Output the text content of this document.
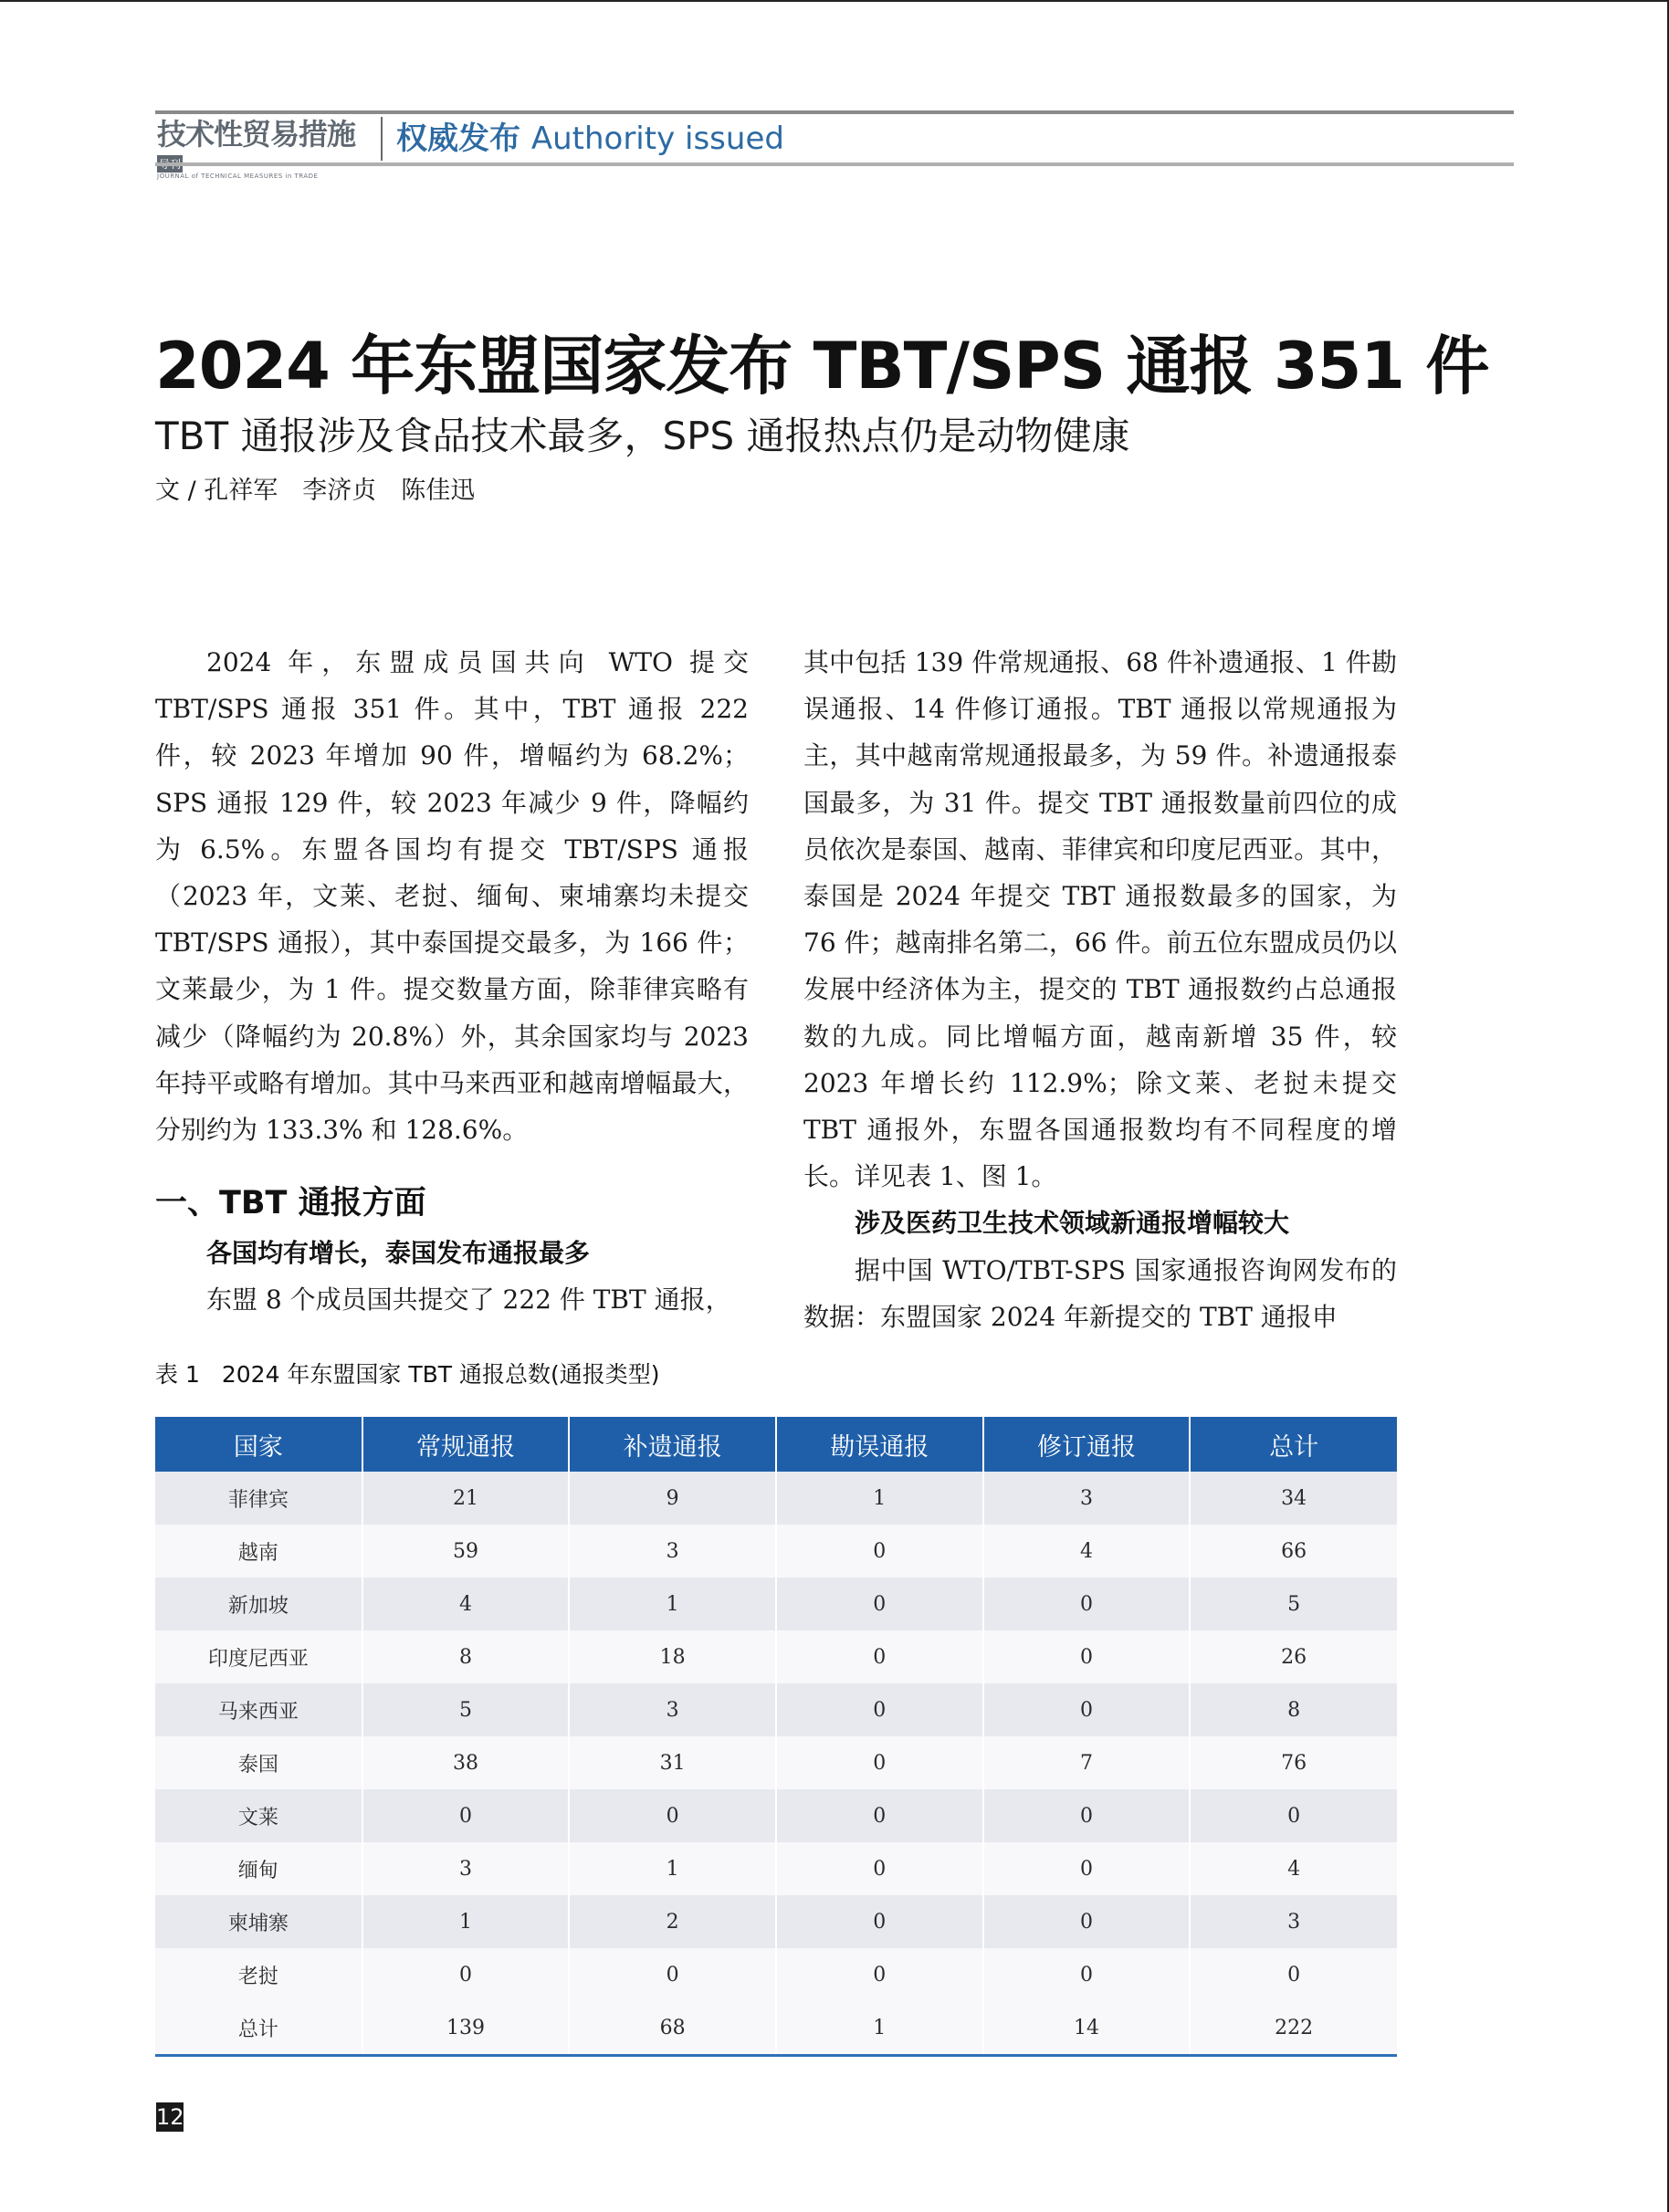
技术性贸易措施
JOURNAL of TECHNICAL MEASURES in TRADE
权威发布 Authority issued
2024 年东盟国家发布 TBT/SPS 通报 351 件
TBT 通报涉及食品技术最多，SPS 通报热点仍是动物健康
文 / 孔祥军　李济贞　陈佳迅

2024 年，东盟成员国共向 WTO 提交 TBT/SPS 通报 351 件。其中，TBT 通报 222 件，较 2023 年增加 90 件，增幅约为 68.2%；SPS 通报 129 件，较 2023 年减少 9 件，降幅约为 6.5%。东盟各国均有提交 TBT/SPS 通报（2023 年，文莱、老挝、缅甸、柬埔寨均未提交 TBT/SPS 通报），其中泰国提交最多，为 166 件；文莱最少，为 1 件。提交数量方面，除菲律宾略有减少（降幅约为 20.8%）外，其余国家均与 2023 年持平或略有增加。其中马来西亚和越南增幅最大，分别约为 133.3% 和 128.6%。

一、TBT 通报方面
各国均有增长，泰国发布通报最多

东盟 8 个成员国共提交了 222 件 TBT 通报，

其中包括 139 件常规通报、68 件补遗通报、1 件勘误通报、14 件修订通报。TBT 通报以常规通报为主，其中越南常规通报最多，为 59 件。补遗通报泰国最多，为 31 件。提交 TBT 通报数量前四位的成员依次是泰国、越南、菲律宾和印度尼西亚。其中，泰国是 2024 年提交 TBT 通报数最多的国家，为 76 件；越南排名第二，66 件。前五位东盟成员仍以发展中经济体为主，提交的 TBT 通报数约占总通报数的九成。同比增幅方面，越南新增 35 件，较 2023 年增长约 112.9%；除文莱、老挝未提交 TBT 通报外，东盟各国通报数均有不同程度的增长。详见表 1、图 1。

涉及医药卫生技术领域新通报增幅较大

据中国 WTO/TBT-SPS 国家通报咨询网发布的数据：东盟国家 2024 年新提交的 TBT 通报申

表 1 2024 年东盟国家 TBT 通报总数(通报类型)
国家	常规通报	补遗通报	勘误通报	修订通报	总计
菲律宾	21	9	1	3	34
越南	59	3	0	4	66
新加坡	4	1	0	0	5
印度尼西亚	8	18	0	0	26
马来西亚	5	3	0	0	8
泰国	38	31	0	7	76
文莱	0	0	0	0	0
缅甸	3	1	0	0	4
柬埔寨	1	2	0	0	3
老挝	0	0	0	0	0
总计	139	68	1	14	222
12
